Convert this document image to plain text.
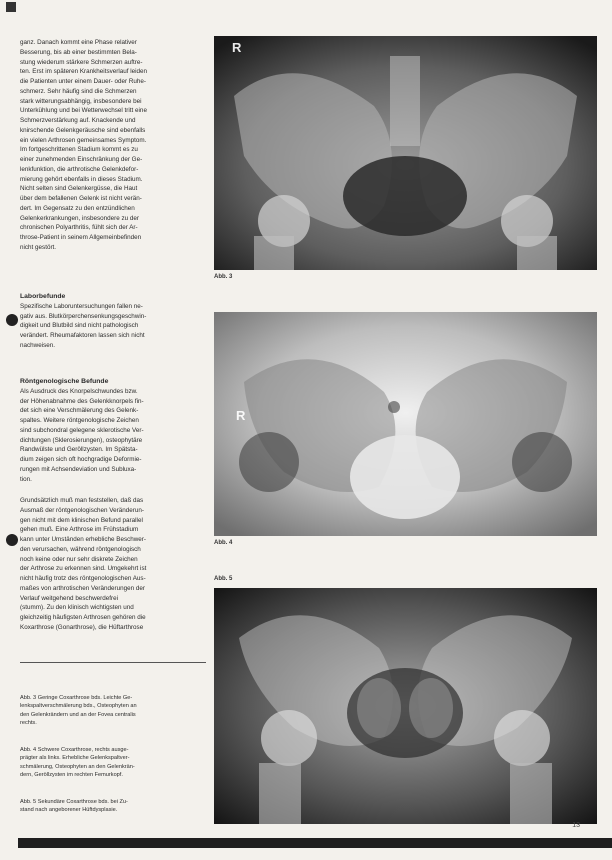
ganz. Danach kommt eine Phase relativer
Besserung, bis ab einer bestimmten Bela-
stung wiederum stärkere Schmerzen auftre-
ten. Erst im späteren Krankheitsverlauf leiden
die Patienten unter einem Dauer- oder Ruhe-
schmerz. Sehr häufig sind die Schmerzen
stark witterungsabhängig, insbesondere bei
Unterkühlung und bei Wetterwechsel tritt eine
Schmerzverstärkung auf. Knackende und
knirschende Gelenkgeräusche sind ebenfalls
ein vielen Arthrosen gemeinsames Symptom.
Im fortgeschrittenen Stadium kommt es zu
einer zunehmenden Einschränkung der Ge-
lenkfunktion, die arthrotische Gelenkdefor-
mierung gehört ebenfalls in dieses Stadium.
Nicht selten sind Gelenkergüsse, die Haut
über dem befallenen Gelenk ist nicht verän-
dert. Im Gegensatz zu den entzündlichen
Gelenkerkrankungen, insbesondere zu der
chronischen Polyarthritis, fühlt sich der Ar-
throse-Patient in seinem Allgemeinbefinden
nicht gestört.

Laborbefunde

Spezifische Laboruntersuchungen fallen ne-
gativ aus. Blutkörperchensenkungsgeschwin-
digkeit und Blutbild sind nicht pathologisch
verändert. Rheumafaktoren lassen sich nicht
nachweisen.

Röntgenologische Befunde

Als Ausdruck des Knorpelschwundes bzw.
der Höhenabnahme des Gelenkknorpels fin-
det sich eine Verschmälerung des Gelenk-
spaltes. Weitere röntgenologische Zeichen
sind subchondral gelegene sklerotische Ver-
dichtungen (Sklerosierungen), osteophytäre
Randwülste und Geröllzysten. Im Spätsta-
dium zeigen sich oft hochgradige Deformie-
rungen mit Achsendeviation und Subluxa-
tion.

Grundsätzlich muß man feststellen, daß das
Ausmaß der röntgenologischen Veränderun-
gen nicht mit dem klinischen Befund parallel
gehen muß. Eine Arthrose im Frühstadium
kann unter Umständen erhebliche Beschwer-
den verursachen, während röntgenologisch
noch keine oder nur sehr diskrete Zeichen
der Arthrose zu erkennen sind. Umgekehrt ist
nicht häufig trotz des röntgenologischen Aus-
maßes von arthrotischen Veränderungen der
Verlauf weitgehend beschwerdefrei
(stumm). Zu den klinisch wichtigsten und
gleichzeitig häufigsten Arthrosen gehören die
Koxarthrose (Gonarthrose), die Hüftarthrose

Abb. 3 Geringe Coxarthrose bds. Leichte Ge-
lenkspaltverschmälerung bds., Osteophyten an
den Gelenkrändern und an der Fovea centralis
rechts.
Abb. 4 Schwere Coxarthrose, rechts ausge-
prägter als links. Erhebliche Gelenkspaltver-
schmälerung, Osteophyten an den Gelenkrän-
dern, Geröllzysten im rechten Femurkopf.
Abb. 5 Sekundäre Coxarthrose bds. bei Zu-
stand nach angeborener Hüftdysplasie.
R
Abb. 3
R
Abb. 4
Abb. 5
13
